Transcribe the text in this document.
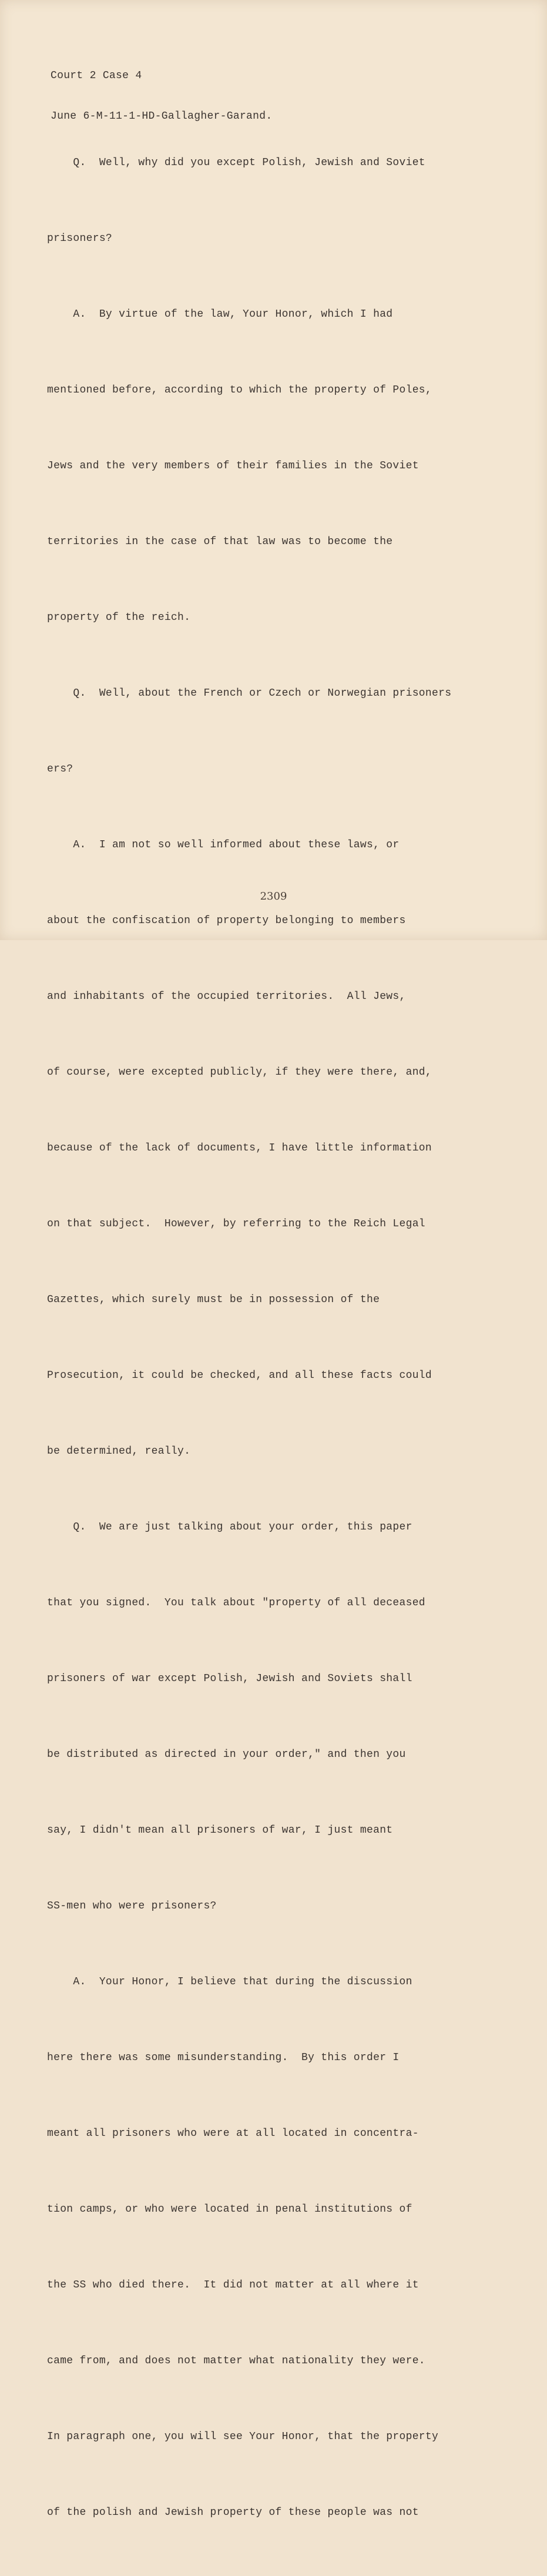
Court 2 Case 4

June 6-M-11-1-HD-Gallagher-Garand.

Q.  Well, why did you except Polish, Jewish and Soviet

prisoners?

A.  By virtue of the law, Your Honor, which I had

mentioned before, according to which the property of Poles,

Jews and the very members of their families in the Soviet

territories in the case of that law was to become the

property of the reich.

Q.  Well, about the French or Czech or Norwegian prisoners

ers?

A.  I am not so well informed about these laws, or

about the confiscation of property belonging to members

and inhabitants of the occupied territories.  All Jews,

of course, were excepted publicly, if they were there, and,

because of the lack of documents, I have little information

on that subject.  However, by referring to the Reich Legal

Gazettes, which surely must be in possession of the

Prosecution, it could be checked, and all these facts could

be determined, really.

Q.  We are just talking about your order, this paper

that you signed.  You talk about "property of all deceased

prisoners of war except Polish, Jewish and Soviets shall

be distributed as directed in your order," and then you

say, I didn't mean all prisoners of war, I just meant

SS-men who were prisoners?

A.  Your Honor, I believe that during the discussion

here there was some misunderstanding.  By this order I

meant all prisoners who were at all located in concentra-

tion camps, or who were located in penal institutions of

the SS who died there.  It did not matter at all where it

came from, and does not matter what nationality they were.

In paragraph one, you will see Your Honor, that the property

of the polish and Jewish property of these people was not

2309
